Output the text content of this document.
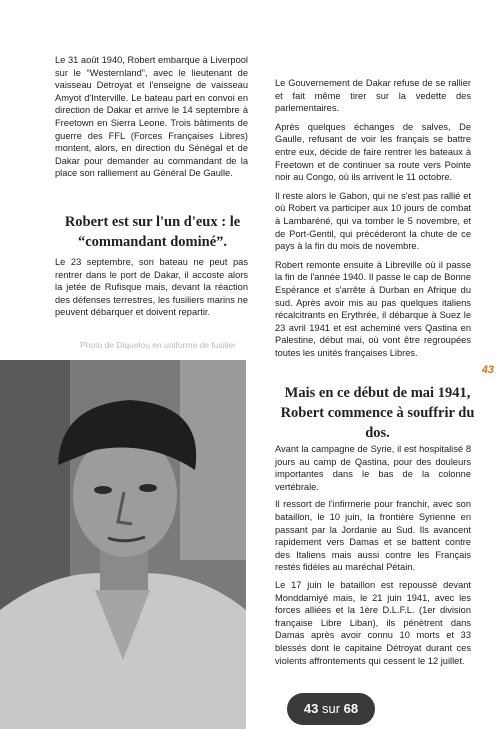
Le 31 août 1940, Robert embarque à Liverpool sur le “Westernland”, avec le lieutenant de vaisseau Detroyat et l'enseigne de vaisseau Amyot d'Interville. Le bateau part en convoi en direction de Dakar et arrive le 14 septembre à Freetown en Sierra Leone. Trois bâtiments de guerre des FFL (Forces Françaises Libres) montent, alors, en direction du Sénégal et de Dakar pour demander au commandant de la place son ralliement au Général De Gaulle.

Robert est sur l'un d'eux : le “commandant dominé”.

Le 23 septembre, son bateau ne peut pas rentrer dans le port de Dakar, il accoste alors la jetée de Rufisque mais, devant la réaction des défenses terrestres, les fusiliers marins ne peuvent débarquer et doivent repartir.

Photo de Diquelou en uniforme de fusilier
43

Le Gouvernement de Dakar refuse de se rallier et fait même tirer sur la vedette des parlementaires.

Après quelques échanges de salves, De Gaulle, refusant de voir les français se battre entre eux, décide de faire rentrer les bateaux à Freetown et de continuer sa route vers Pointe noir au Congo, où ils arrivent le 11 octobre.

Il reste alors le Gabon, qui ne s'est pas rallié et où Robert va participer aux 10 jours de combat à Lambaréné, qui va tomber le 5 novembre, et de Port-Gentil, qui précéderont la chute de ce pays à la fin du mois de novembre.

Robert remonte ensuite à Libreville où il passe la fin de l'année 1940. Il passe le cap de Bonne Espérance et s'arrête à Durban en Afrique du sud. Après avoir mis au pas quelques italiens récalcitrants en Erythrée, il débarque à Suez le 23 avril 1941 et est acheminé vers Qastina en Palestine, début mai, où vont être regroupées toutes les unités françaises Libres.

Mais en ce début de mai 1941, Robert commence à souffrir du dos.

Avant la campagne de Syrie, il est hospitalisé 8 jours au camp de Qastina, pour des douleurs importantes dans le bas de la colonne vertébrale.

Il ressort de l'infirmerie pour franchir, avec son bataillon, le 10 juin, la frontière Syrienne en passant par la Jordanie au Sud. Ils avancent rapidement vers Damas et se battent contre des Italiens mais aussi contre les Français restés fidèles au maréchal Pétain.

Le 17 juin le bataillon est repoussé devant Monddamiyé mais, le 21 juin 1941, avec les forces alliées et la 1ère D.L.F.L. (1er division française Libre Liban), ils pénètrent dans Damas après avoir connu 10 morts et 33 blessés dont le capitaine Détroyat durant ces violents affrontements qui cessent le 12 juillet.

43 sur 68
